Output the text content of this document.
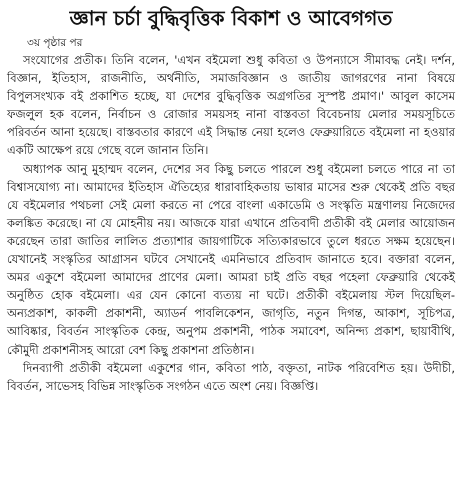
জ্ঞান চর্চা বুদ্ধিবৃত্তিক বিকাশ ও আবেগগত
৩য় পৃষ্ঠার পর

সংযোগের প্রতীক। তিনি বলেন, 'এখন বইমেলা শুধু কবিতা ও উপন্যাসে সীমাবদ্ধ নেই। দর্শন, বিজ্ঞান, ইতিহাস, রাজনীতি, অর্থনীতি, সমাজবিজ্ঞান ও জাতীয় জাগরণের নানা বিষয়ে বিপুলসংখ্যক বই প্রকাশিত হচ্ছে, যা দেশের বুদ্ধিবৃত্তিক অগ্রগতির সুস্পষ্ট প্রমাণ।' আবুল কাসেম ফজলুল হক বলেন, নির্বাচন ও রোজার সময়সহ নানা বাস্তবতা বিবেচনায় মেলার সময়সূচিতে পরিবর্তন আনা হয়েছে। বাস্তবতার কারণে এই সিদ্ধান্ত নেয়া হলেও ফেব্রুয়ারিতে বইমেলা না হওয়ার একটি আক্ষেপ রয়ে গেছে বলে জানান তিনি।

অধ্যাপক আনু মুহাম্মদ বলেন, দেশের সব কিছু চলতে পারলে শুধু বইমেলা চলতে পারে না তা বিশ্বাসযোগ্য না। আমাদের ইতিহাস ঐতিহ্যের ধারাবাহিকতায় ভাষার মাসের শুরু থেকেই প্রতি বছর যে বইমেলার পথচলা সেই মেলা করতে না পেরে বাংলা একাডেমি ও সংস্কৃতি মন্ত্রণালয় নিজেদের কলঙ্কিত করেছে। না যে মোহনীয় নয়। আজকে যারা এখানে প্রতিবাদী প্রতীকী বই মেলার আয়োজন করেছেন তারা জাতির লালিত প্রত্যাশার জায়গাটিকে সত্যিকারভাবে তুলে ধরতে সক্ষম হয়েছেন। যেখানেই সংস্কৃতির আগ্রাসন ঘটবে সেখানেই এমনিভাবে প্রতিবাদ জানাতে হবে। বক্তারা বলেন, অমর একুশে বইমেলা আমাদের প্রাণের মেলা। আমরা চাই প্রতি বছর পহেলা ফেব্রুয়ারি থেকেই অনুষ্ঠিত হোক বইমেলা। এর যেন কোনো ব্যত্যয় না ঘটে। প্রতীকী বইমেলায় স্টল দিয়েছিল- অন্যপ্রকাশ, কাকলী প্রকাশনী, অ্যাডর্ন পাবলিকেশন, জাগৃতি, নতুন দিগন্ত, আকাশ, সূচিপত্র, আবিষ্কার, বিবর্তন সাংস্কৃতিক কেন্দ্র, অনুপম প্রকাশনী, পাঠক সমাবেশ, অনিন্দ্য প্রকাশ, ছায়াবীথি, কৌমুদী প্রকাশনীসহ আরো বেশ কিছু প্রকাশনা প্রতিষ্ঠান।

দিনব্যাপী প্রতীকী বইমেলা একুশের গান, কবিতা পাঠ, বক্তৃতা, নাটক পরিবেশিত হয়। উদীচী, বিবর্তন, সাভেসহ বিভিন্ন সাংস্কৃতিক সংগঠন এতে অংশ নেয়। বিজ্ঞপ্তি।
